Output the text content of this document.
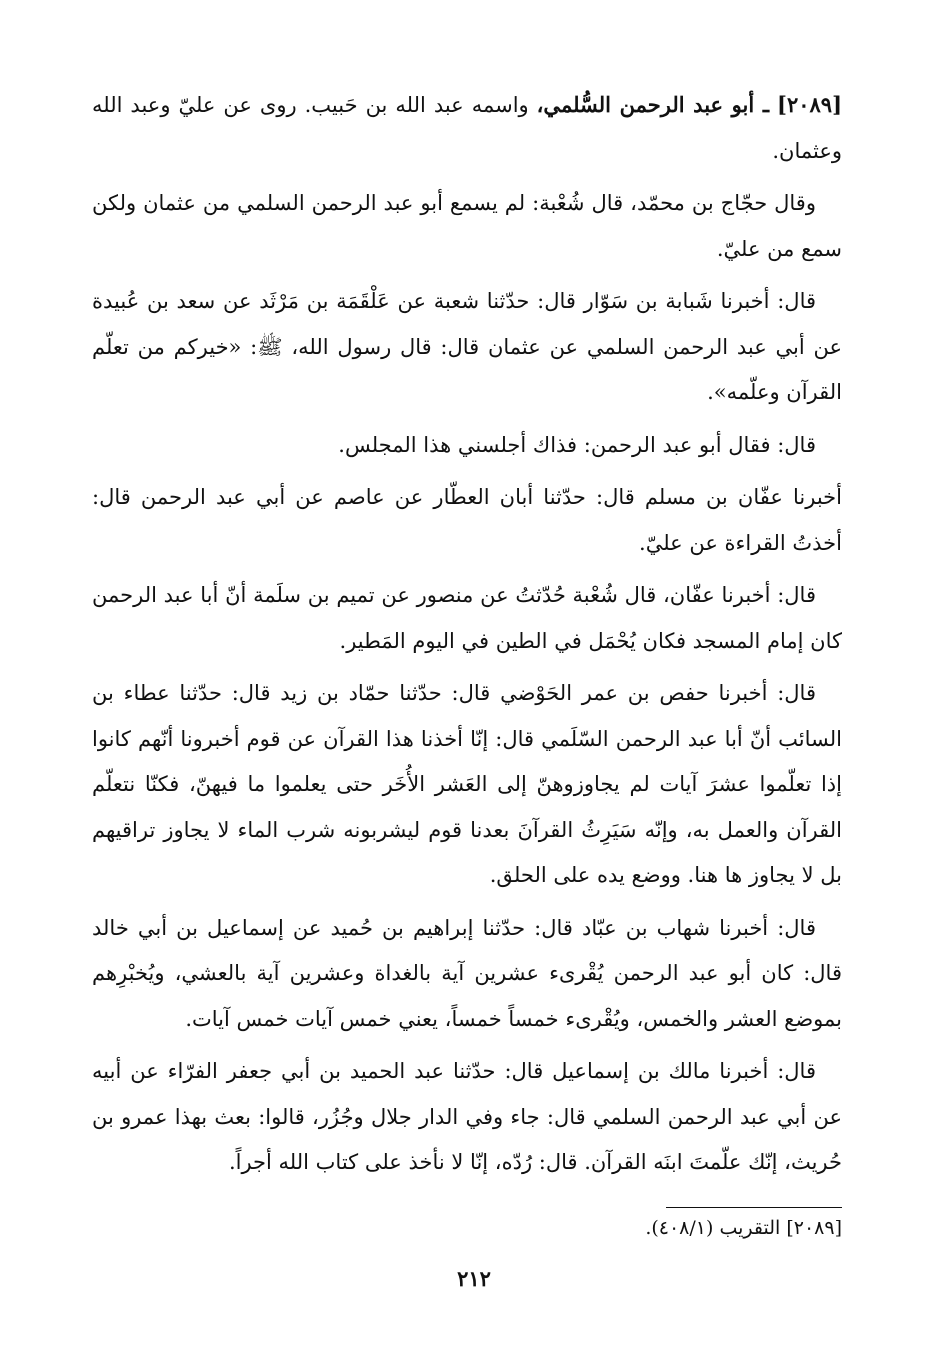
[٢٠٨٩] ـ أبو عبد الرحمن السُّلمي، واسمه عبد الله بن حَبيب. روى عن عليّ وعبد الله وعثمان.

وقال حجّاج بن محمّد، قال شُعْبة: لم يسمع أبو عبد الرحمن السلمي من عثمان ولكن سمع من عليّ.

قال: أخبرنا شَبابة بن سَوّار قال: حدّثنا شعبة عن عَلْقَمَة بن مَرْثَد عن سعد بن عُبيدة عن أبي عبد الرحمن السلمي عن عثمان قال: قال رسول الله، ﷺ: «خيركم من تعلّم القرآن وعلّمه».

قال: فقال أبو عبد الرحمن: فذاك أجلسني هذا المجلس.

أخبرنا عفّان بن مسلم قال: حدّثنا أبان العطّار عن عاصم عن أبي عبد الرحمن قال: أخذتُ القراءة عن عليّ.

قال: أخبرنا عفّان، قال شُعْبة حُدّثتُ عن منصور عن تميم بن سلَمة أنّ أبا عبد الرحمن كان إمام المسجد فكان يُحْمَل في الطين في اليوم المَطير.

قال: أخبرنا حفص بن عمر الحَوْضي قال: حدّثنا حمّاد بن زيد قال: حدّثنا عطاء بن السائب أنّ أبا عبد الرحمن السّلَمي قال: إنّا أخذنا هذا القرآن عن قوم أخبرونا أنّهم كانوا إذا تعلّموا عشرَ آيات لم يجاوزوهنّ إلى العَشر الأُخَر حتى يعلموا ما فيهنّ، فكنّا نتعلّم القرآن والعمل به، وإنّه سَيَرِثُ القرآنَ بعدنا قوم ليشربونه شرب الماء لا يجاوز تراقيهم بل لا يجاوز ها هنا. ووضع يده على الحلق.

قال: أخبرنا شهاب بن عبّاد قال: حدّثنا إبراهيم بن حُميد عن إسماعيل بن أبي خالد قال: كان أبو عبد الرحمن يُقْرىء عشرين آية بالغداة وعشرين آية بالعشي، ويُخبْرِهم بموضع العشر والخمس، ويُقْرىء خمساً خمساً، يعني خمس آيات خمس آيات.

قال: أخبرنا مالك بن إسماعيل قال: حدّثنا عبد الحميد بن أبي جعفر الفرّاء عن أبيه عن أبي عبد الرحمن السلمي قال: جاء وفي الدار جلال وجُزُر، قالوا: بعث بهذا عمرو بن حُريث، إنّك علّمتَ ابنَه القرآن. قال: رُدّه، إنّا لا نأخذ على كتاب الله أجراً.

[٢٠٨٩] التقريب (٤٠٨/١).
٢١٢
